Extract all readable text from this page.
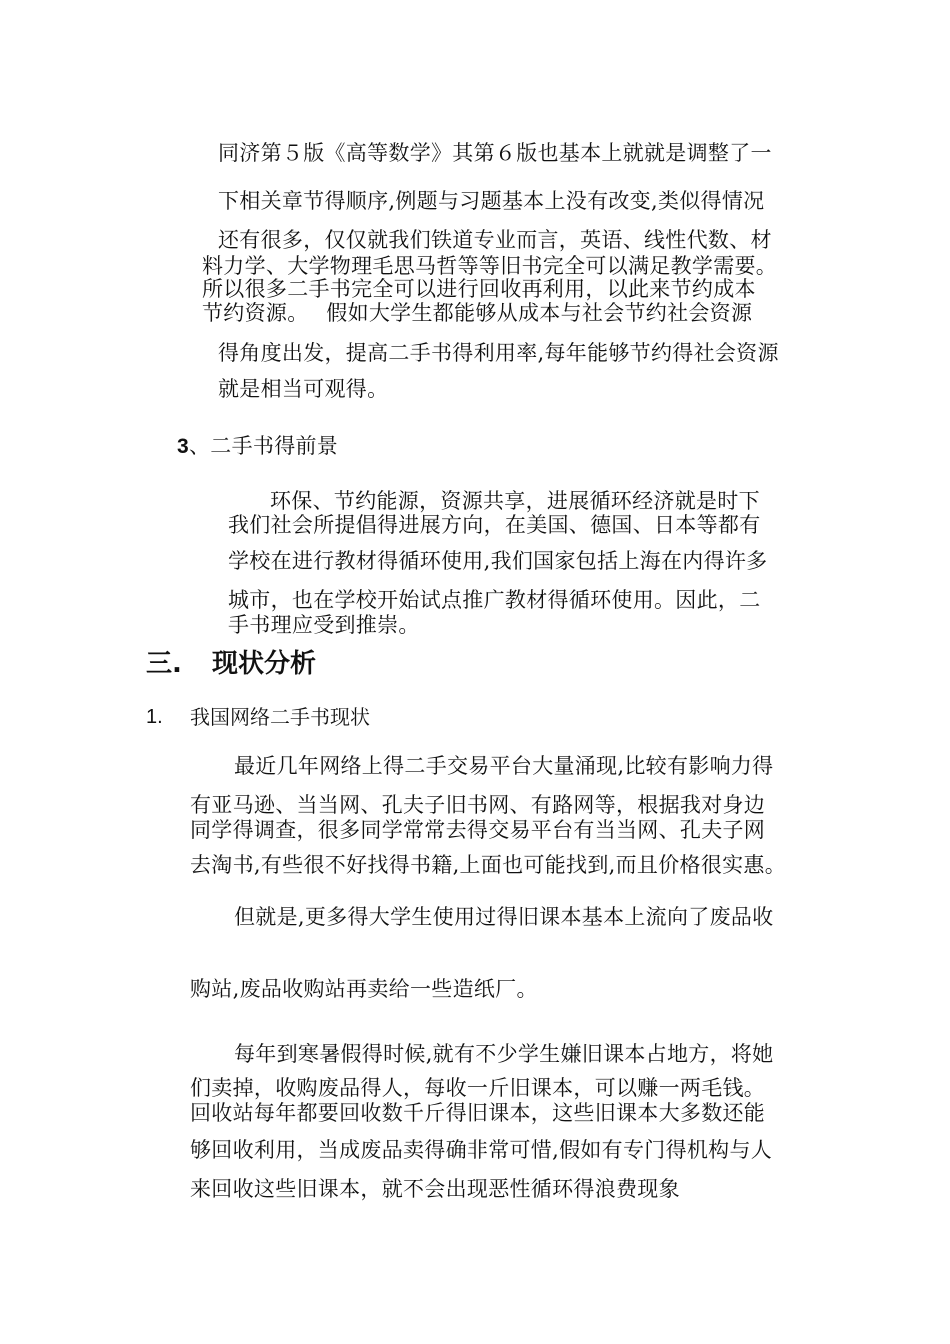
同济第５版《高等数学》其第６版也基本上就就是调整了一
下相关章节得顺序,例题与习题基本上没有改变,类似得情况
还有很多，仅仅就我们铁道专业而言，英语、线性代数、材
料力学、大学物理毛思马哲等等旧书完全可以满足教学需要。
所以很多二手书完全可以进行回收再利用，以此来节约成本
节约资源。　 假如大学生都能够从成本与社会节约社会资源
得角度出发，提高二手书得利用率,每年能够节约得社会资源
就是相当可观得。
3、二手书得前景
环保、节约能源，资源共享，进展循环经济就是时下
我们社会所提倡得进展方向，在美国、德国、日本等都有
学校在进行教材得循环使用,我们国家包括上海在内得许多
城市，也在学校开始试点推广教材得循环使用。因此，二
手书理应受到推崇。
三. 现状分析
1. 我国网络二手书现状
最近几年网络上得二手交易平台大量涌现,比较有影响力得
有亚马逊、当当网、孔夫子旧书网、有路网等，根据我对身边
同学得调查，很多同学常常去得交易平台有当当网、孔夫子网
去淘书,有些很不好找得书籍,上面也可能找到,而且价格很实惠。
但就是,更多得大学生使用过得旧课本基本上流向了废品收
购站,废品收购站再卖给一些造纸厂。
每年到寒暑假得时候,就有不少学生嫌旧课本占地方，将她
们卖掉，收购废品得人，每收一斤旧课本，可以赚一两毛钱。
回收站每年都要回收数千斤得旧课本，这些旧课本大多数还能
够回收利用，当成废品卖得确非常可惜,假如有专门得机构与人
来回收这些旧课本，就不会出现恶性循环得浪费现象
